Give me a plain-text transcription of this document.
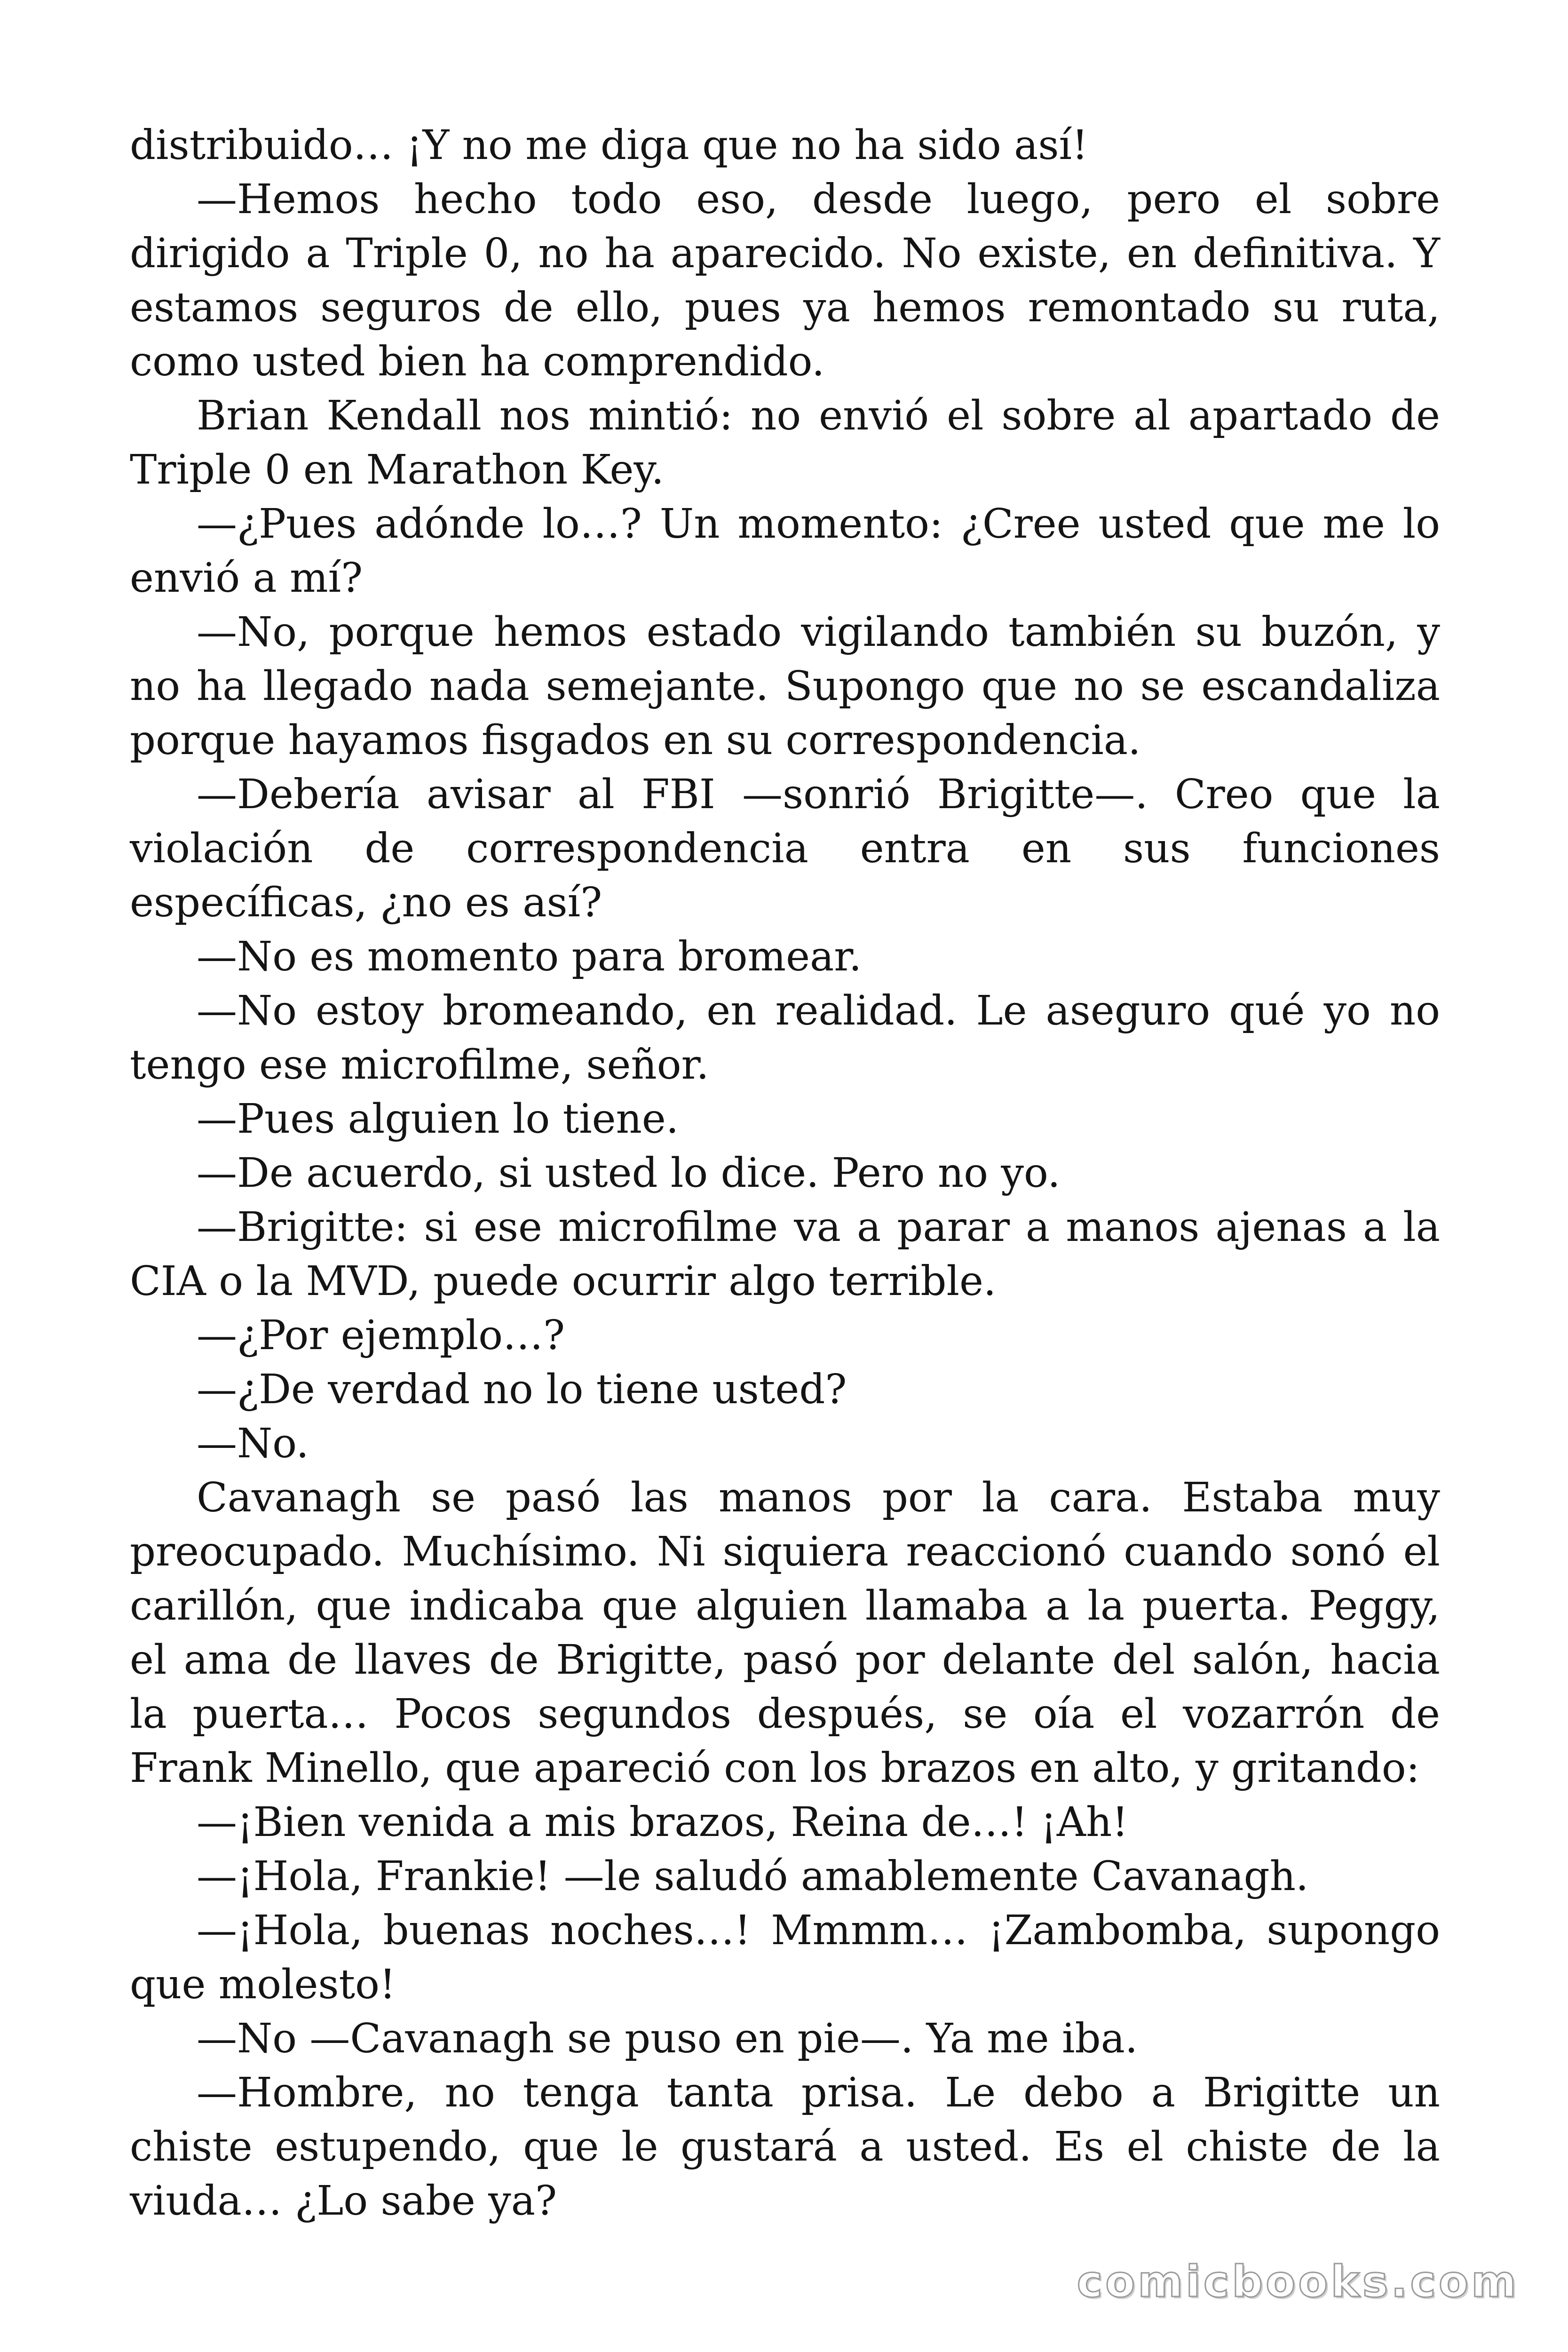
distribuido… ¡Y no me diga que no ha sido así!

—Hemos hecho todo eso, desde luego, pero el sobre dirigido a Triple 0, no ha aparecido. No existe, en definitiva. Y estamos seguros de ello, pues ya hemos remontado su ruta, como usted bien ha comprendido.

Brian Kendall nos mintió: no envió el sobre al apartado de Triple 0 en Marathon Key.

—¿Pues adónde lo…? Un momento: ¿Cree usted que me lo envió a mí?

—No, porque hemos estado vigilando también su buzón, y no ha llegado nada semejante. Supongo que no se escandaliza porque hayamos fisgados en su correspondencia.

—Debería avisar al FBI —sonrió Brigitte—. Creo que la violación de correspondencia entra en sus funciones específicas, ¿no es así?

—No es momento para bromear.

—No estoy bromeando, en realidad. Le aseguro qué yo no tengo ese microfilme, señor.

—Pues alguien lo tiene.

—De acuerdo, si usted lo dice. Pero no yo.

—Brigitte: si ese microfilme va a parar a manos ajenas a la CIA o la MVD, puede ocurrir algo terrible.

—¿Por ejemplo…?

—¿De verdad no lo tiene usted?

—No.

Cavanagh se pasó las manos por la cara. Estaba muy preocupado. Muchísimo. Ni siquiera reaccionó cuando sonó el carillón, que indicaba que alguien llamaba a la puerta. Peggy, el ama de llaves de Brigitte, pasó por delante del salón, hacia la puerta… Pocos segundos después, se oía el vozarrón de Frank Minello, que apareció con los brazos en alto, y gritando:

—¡Bien venida a mis brazos, Reina de…! ¡Ah!

—¡Hola, Frankie! —le saludó amablemente Cavanagh.

—¡Hola, buenas noches…! Mmmm… ¡Zambomba, supongo que molesto!

—No —Cavanagh se puso en pie—. Ya me iba.

—Hombre, no tenga tanta prisa. Le debo a Brigitte un chiste estupendo, que le gustará a usted. Es el chiste de la viuda… ¿Lo sabe ya?

comicbooks.com
